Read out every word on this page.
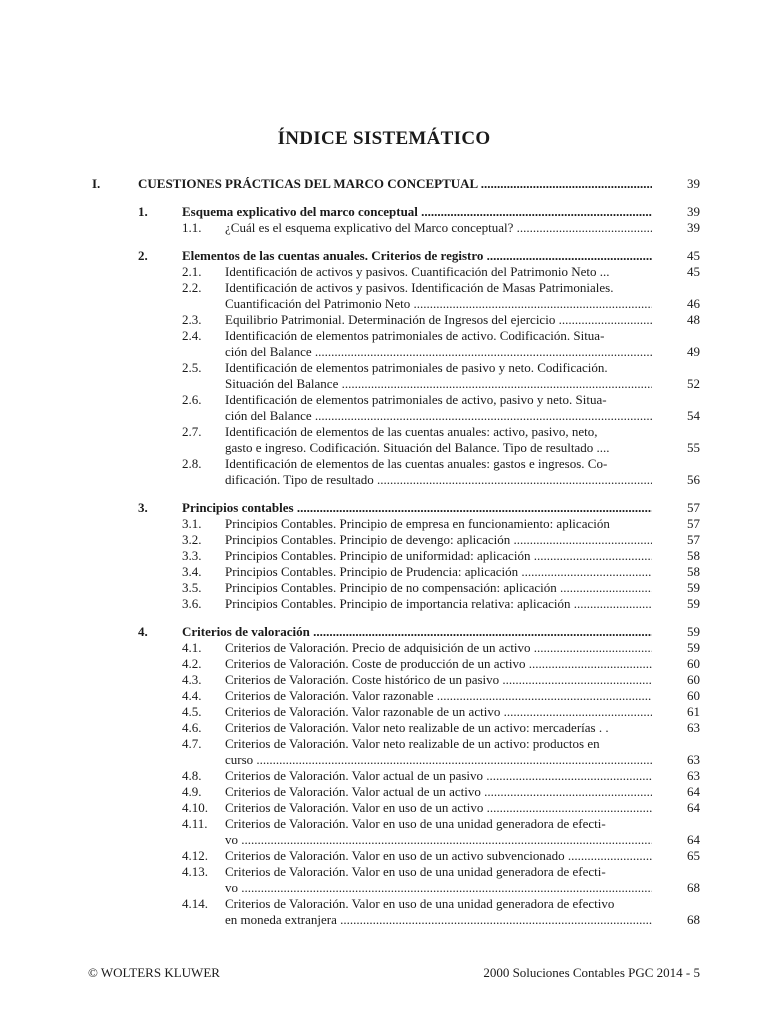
ÍNDICE SISTEMÁTICO
I.	CUESTIONES PRÁCTICAS DEL MARCO CONCEPTUAL .....	39
1.	Esquema explicativo del marco conceptual .....	39
1.1. ¿Cuál es el esquema explicativo del Marco conceptual? .....	39
2.	Elementos de las cuentas anuales. Criterios de registro .....	45
2.1. Identificación de activos y pasivos. Cuantificación del Patrimonio Neto ...	45
2.2. Identificación de activos y pasivos. Identificación de Masas Patrimoniales.
Cuantificación del Patrimonio Neto .....	46
2.3. Equilibrio Patrimonial. Determinación de Ingresos del ejercicio .....	48
2.4. Identificación de elementos patrimoniales de activo. Codificación. Situa-
ción del Balance .....	49
2.5. Identificación de elementos patrimoniales de pasivo y neto. Codificación.
Situación del Balance .....	52
2.6. Identificación de elementos patrimoniales de activo, pasivo y neto. Situa-
ción del Balance .....	54
2.7. Identificación de elementos de las cuentas anuales: activo, pasivo, neto,
gasto e ingreso. Codificación. Situación del Balance. Tipo de resultado ....	55
2.8. Identificación de elementos de las cuentas anuales: gastos e ingresos. Co-
dificación. Tipo de resultado .....	56
3.	Principios contables .....	57
3.1. Principios Contables. Principio de empresa en funcionamiento: aplicación	57
3.2. Principios Contables. Principio de devengo: aplicación .....	57
3.3. Principios Contables. Principio de uniformidad: aplicación .....	58
3.4. Principios Contables. Principio de Prudencia: aplicación .....	58
3.5. Principios Contables. Principio de no compensación: aplicación .....	59
3.6. Principios Contables. Principio de importancia relativa: aplicación .....	59
4.	Criterios de valoración .....	59
4.1. Criterios de Valoración. Precio de adquisición de un activo .....	59
4.2. Criterios de Valoración. Coste de producción de un activo .....	60
4.3. Criterios de Valoración. Coste histórico de un pasivo .....	60
4.4. Criterios de Valoración. Valor razonable .....	60
4.5. Criterios de Valoración. Valor razonable de un activo .....	61
4.6. Criterios de Valoración. Valor neto realizable de un activo: mercaderías . .	63
4.7. Criterios de Valoración. Valor neto realizable de un activo: productos en
curso .....	63
4.8. Criterios de Valoración. Valor actual de un pasivo .....	63
4.9. Criterios de Valoración. Valor actual de un activo .....	64
4.10. Criterios de Valoración. Valor en uso de un activo .....	64
4.11. Criterios de Valoración. Valor en uso de una unidad generadora de efecti-
vo .....	64
4.12. Criterios de Valoración. Valor en uso de un activo subvencionado .....	65
4.13. Criterios de Valoración. Valor en uso de una unidad generadora de efecti-
vo .....	68
4.14. Criterios de Valoración. Valor en uso de una unidad generadora de efectivo
en moneda extranjera .....	68
© WOLTERS KLUWER	2000 Soluciones Contables PGC 2014 - 5
